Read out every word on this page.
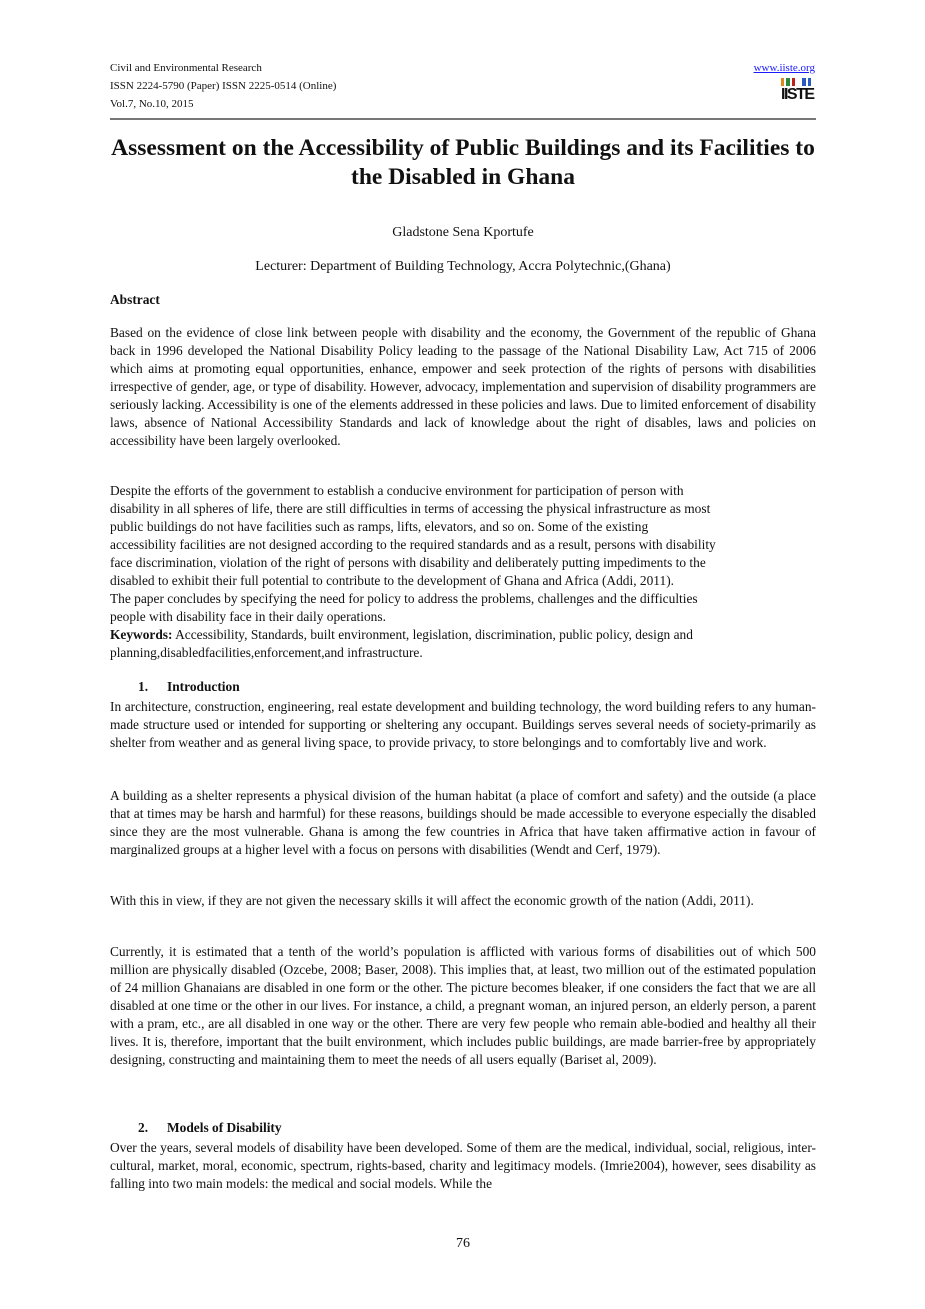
Civil and Environmental Research
ISSN 2224-5790 (Paper) ISSN 2225-0514 (Online)
Vol.7, No.10, 2015
www.iiste.org
IISTE
Assessment on the Accessibility of Public Buildings and its Facilities to the Disabled in Ghana
Gladstone Sena Kportufe
Lecturer: Department of Building Technology, Accra Polytechnic,(Ghana)
Abstract

Based on the evidence of close link between people with disability and the economy, the Government of the republic of Ghana back in 1996 developed the National Disability Policy leading to the passage of the National Disability Law, Act 715 of 2006 which aims at promoting equal opportunities, enhance, empower and seek protection of the rights of persons with disabilities irrespective of gender, age, or type of disability. However, advocacy, implementation and supervision of disability programmers are seriously lacking. Accessibility is one of the elements addressed in these policies and laws. Due to limited enforcement of disability laws, absence of National Accessibility Standards and lack of knowledge about the right of disables, laws and policies on accessibility have been largely overlooked.

Despite the efforts of the government to establish a conducive environment for participation of person with
disability in all spheres of life, there are still difficulties in terms of accessing the physical infrastructure as most
public buildings do not have facilities such as ramps, lifts, elevators, and so on. Some of the existing
accessibility facilities are not designed according to the required standards and as a result, persons with disability
face discrimination, violation of the right of persons with disability and deliberately putting impediments to the
disabled to exhibit their full potential to contribute to the development of Ghana and Africa (Addi, 2011).
The paper concludes by specifying the need for policy to address the problems, challenges and the difficulties
people with disability face in their daily operations.
Keywords: Accessibility, Standards, built environment, legislation, discrimination, public policy, design and planning,disabledfacilities,enforcement,and infrastructure.
1. Introduction

In architecture, construction, engineering, real estate development and building technology, the word building refers to any human-made structure used or intended for supporting or sheltering any occupant. Buildings serves several needs of society-primarily as shelter from weather and as general living space, to provide privacy, to store belongings and to comfortably live and work.

A building as a shelter represents a physical division of the human habitat (a place of comfort and safety) and the outside (a place that at times may be harsh and harmful) for these reasons, buildings should be made accessible to everyone especially the disabled since they are the most vulnerable. Ghana is among the few countries in Africa that have taken affirmative action in favour of marginalized groups at a higher level with a focus on persons with disabilities (Wendt and Cerf, 1979).

With this in view, if they are not given the necessary skills it will affect the economic growth of the nation (Addi, 2011).

Currently, it is estimated that a tenth of the world’s population is afflicted with various forms of disabilities out of which 500 million are physically disabled (Ozcebe, 2008; Baser, 2008). This implies that, at least, two million out of the estimated population of 24 million Ghanaians are disabled in one form or the other. The picture becomes bleaker, if one considers the fact that we are all disabled at one time or the other in our lives. For instance, a child, a pregnant woman, an injured person, an elderly person, a parent with a pram, etc., are all disabled in one way or the other. There are very few people who remain able-bodied and healthy all their lives. It is, therefore, important that the built environment, which includes public buildings, are made barrier-free by appropriately designing, constructing and maintaining them to meet the needs of all users equally (Bariset al, 2009).

2. Models of Disability

Over the years, several models of disability have been developed. Some of them are the medical, individual, social, religious, inter-cultural, market, moral, economic, spectrum, rights-based, charity and legitimacy models. (Imrie2004), however, sees disability as falling into two main models: the medical and social models. While the

76
